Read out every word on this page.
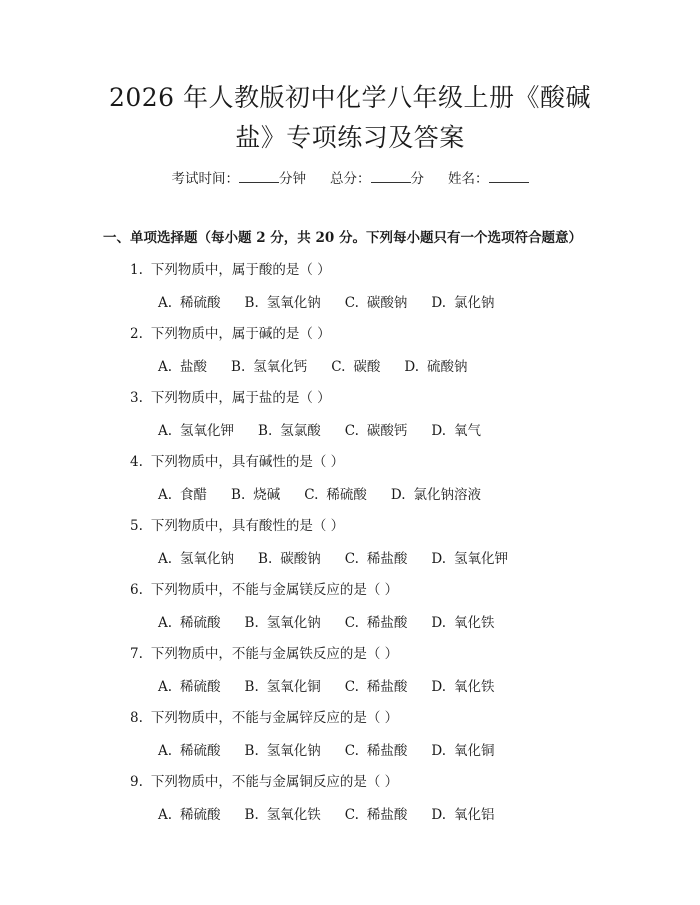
2026 年人教版初中化学八年级上册《酸碱
盐》专项练习及答案
考试时间：	分钟 总分：	分 姓名：
一、单项选择题（每小题 2 分，共 20 分。下列每小题只有一个选项符合题意）
1. 下列物质中，属于酸的是（ ）
A. 稀硫酸 B. 氢氧化钠 C. 碳酸钠 D. 氯化钠
2. 下列物质中，属于碱的是（ ）
A. 盐酸 B. 氢氧化钙 C. 碳酸 D. 硫酸钠
3. 下列物质中，属于盐的是（ ）
A. 氢氧化钾 B. 氢氯酸 C. 碳酸钙 D. 氧气
4. 下列物质中，具有碱性的是（ ）
A. 食醋 B. 烧碱 C. 稀硫酸 D. 氯化钠溶液
5. 下列物质中，具有酸性的是（ ）
A. 氢氧化钠 B. 碳酸钠 C. 稀盐酸 D. 氢氧化钾
6. 下列物质中，不能与金属镁反应的是（ ）
A. 稀硫酸 B. 氢氧化钠 C. 稀盐酸 D. 氧化铁
7. 下列物质中，不能与金属铁反应的是（ ）
A. 稀硫酸 B. 氢氧化铜 C. 稀盐酸 D. 氧化铁
8. 下列物质中，不能与金属锌反应的是（ ）
A. 稀硫酸 B. 氢氧化钠 C. 稀盐酸 D. 氧化铜
9. 下列物质中，不能与金属铜反应的是（ ）
A. 稀硫酸 B. 氢氧化铁 C. 稀盐酸 D. 氧化铝
